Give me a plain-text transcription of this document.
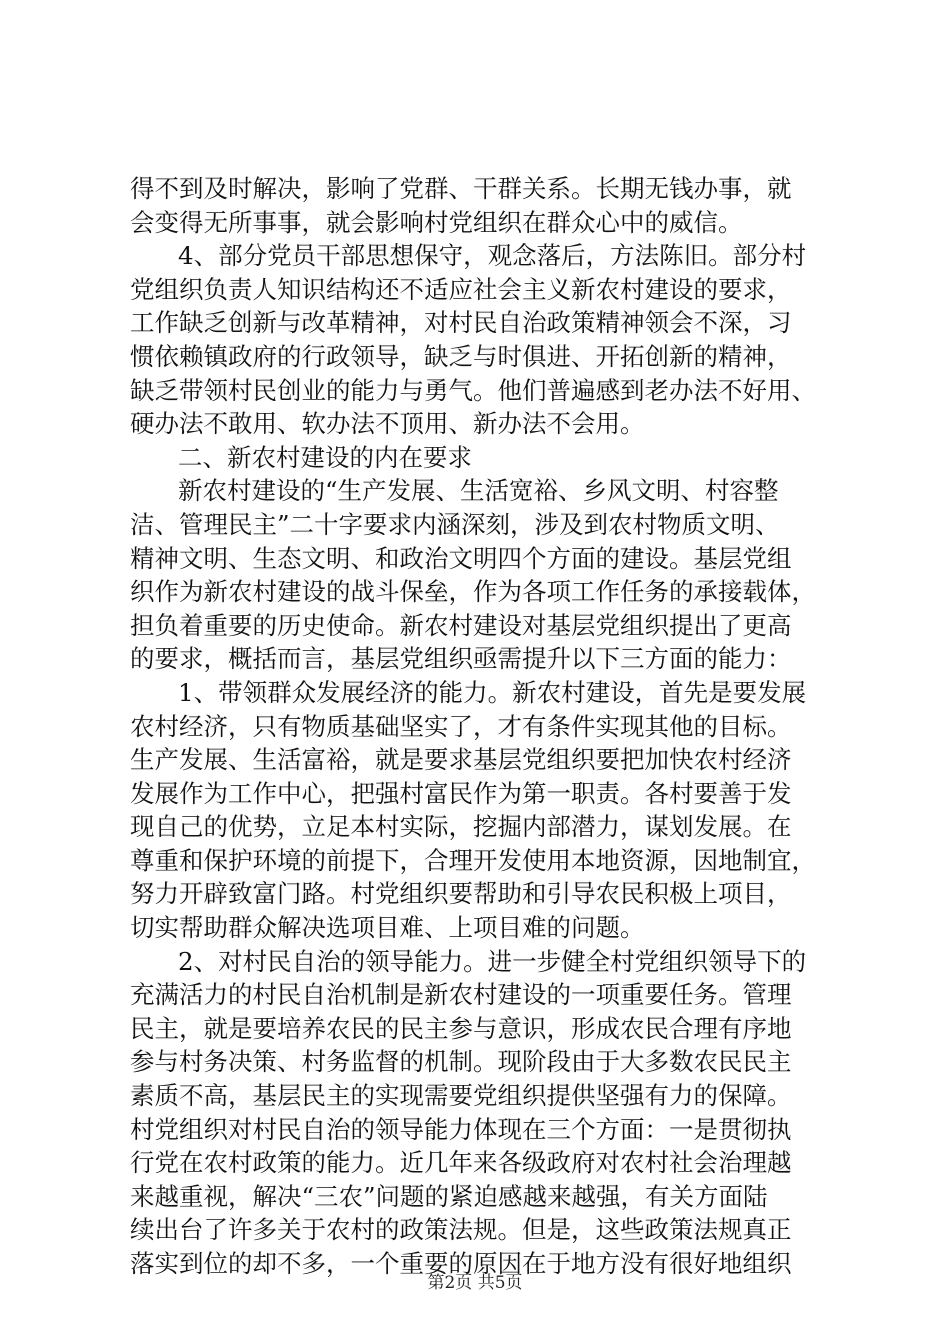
得不到及时解决，影响了党群、干群关系。长期无钱办事，就
会变得无所事事，就会影响村党组织在群众心中的威信。

4、部分党员干部思想保守，观念落后，方法陈旧。部分村
党组织负责人知识结构还不适应社会主义新农村建设的要求，
工作缺乏创新与改革精神，对村民自治政策精神领会不深，习
惯依赖镇政府的行政领导，缺乏与时俱进、开拓创新的精神，
缺乏带领村民创业的能力与勇气。他们普遍感到老办法不好用、
硬办法不敢用、软办法不顶用、新办法不会用。

二、新农村建设的内在要求

新农村建设的“生产发展、生活宽裕、乡风文明、村容整
洁、管理民主”二十字要求内涵深刻，涉及到农村物质文明、
精神文明、生态文明、和政治文明四个方面的建设。基层党组
织作为新农村建设的战斗保垒，作为各项工作任务的承接载体，
担负着重要的历史使命。新农村建设对基层党组织提出了更高
的要求，概括而言，基层党组织亟需提升以下三方面的能力：

1、带领群众发展经济的能力。新农村建设，首先是要发展
农村经济，只有物质基础坚实了，才有条件实现其他的目标。
生产发展、生活富裕，就是要求基层党组织要把加快农村经济
发展作为工作中心，把强村富民作为第一职责。各村要善于发
现自己的优势，立足本村实际，挖掘内部潜力，谋划发展。在
尊重和保护环境的前提下，合理开发使用本地资源，因地制宜，
努力开辟致富门路。村党组织要帮助和引导农民积极上项目，
切实帮助群众解决选项目难、上项目难的问题。

2、对村民自治的领导能力。进一步健全村党组织领导下的
充满活力的村民自治机制是新农村建设的一项重要任务。管理
民主，就是要培养农民的民主参与意识，形成农民合理有序地
参与村务决策、村务监督的机制。现阶段由于大多数农民民主
素质不高，基层民主的实现需要党组织提供坚强有力的保障。
村党组织对村民自治的领导能力体现在三个方面：一是贯彻执
行党在农村政策的能力。近几年来各级政府对农村社会治理越
来越重视，解决“三农”问题的紧迫感越来越强，有关方面陆
续出台了许多关于农村的政策法规。但是，这些政策法规真正
落实到位的却不多，一个重要的原因在于地方没有很好地组织

第2页 共5页
